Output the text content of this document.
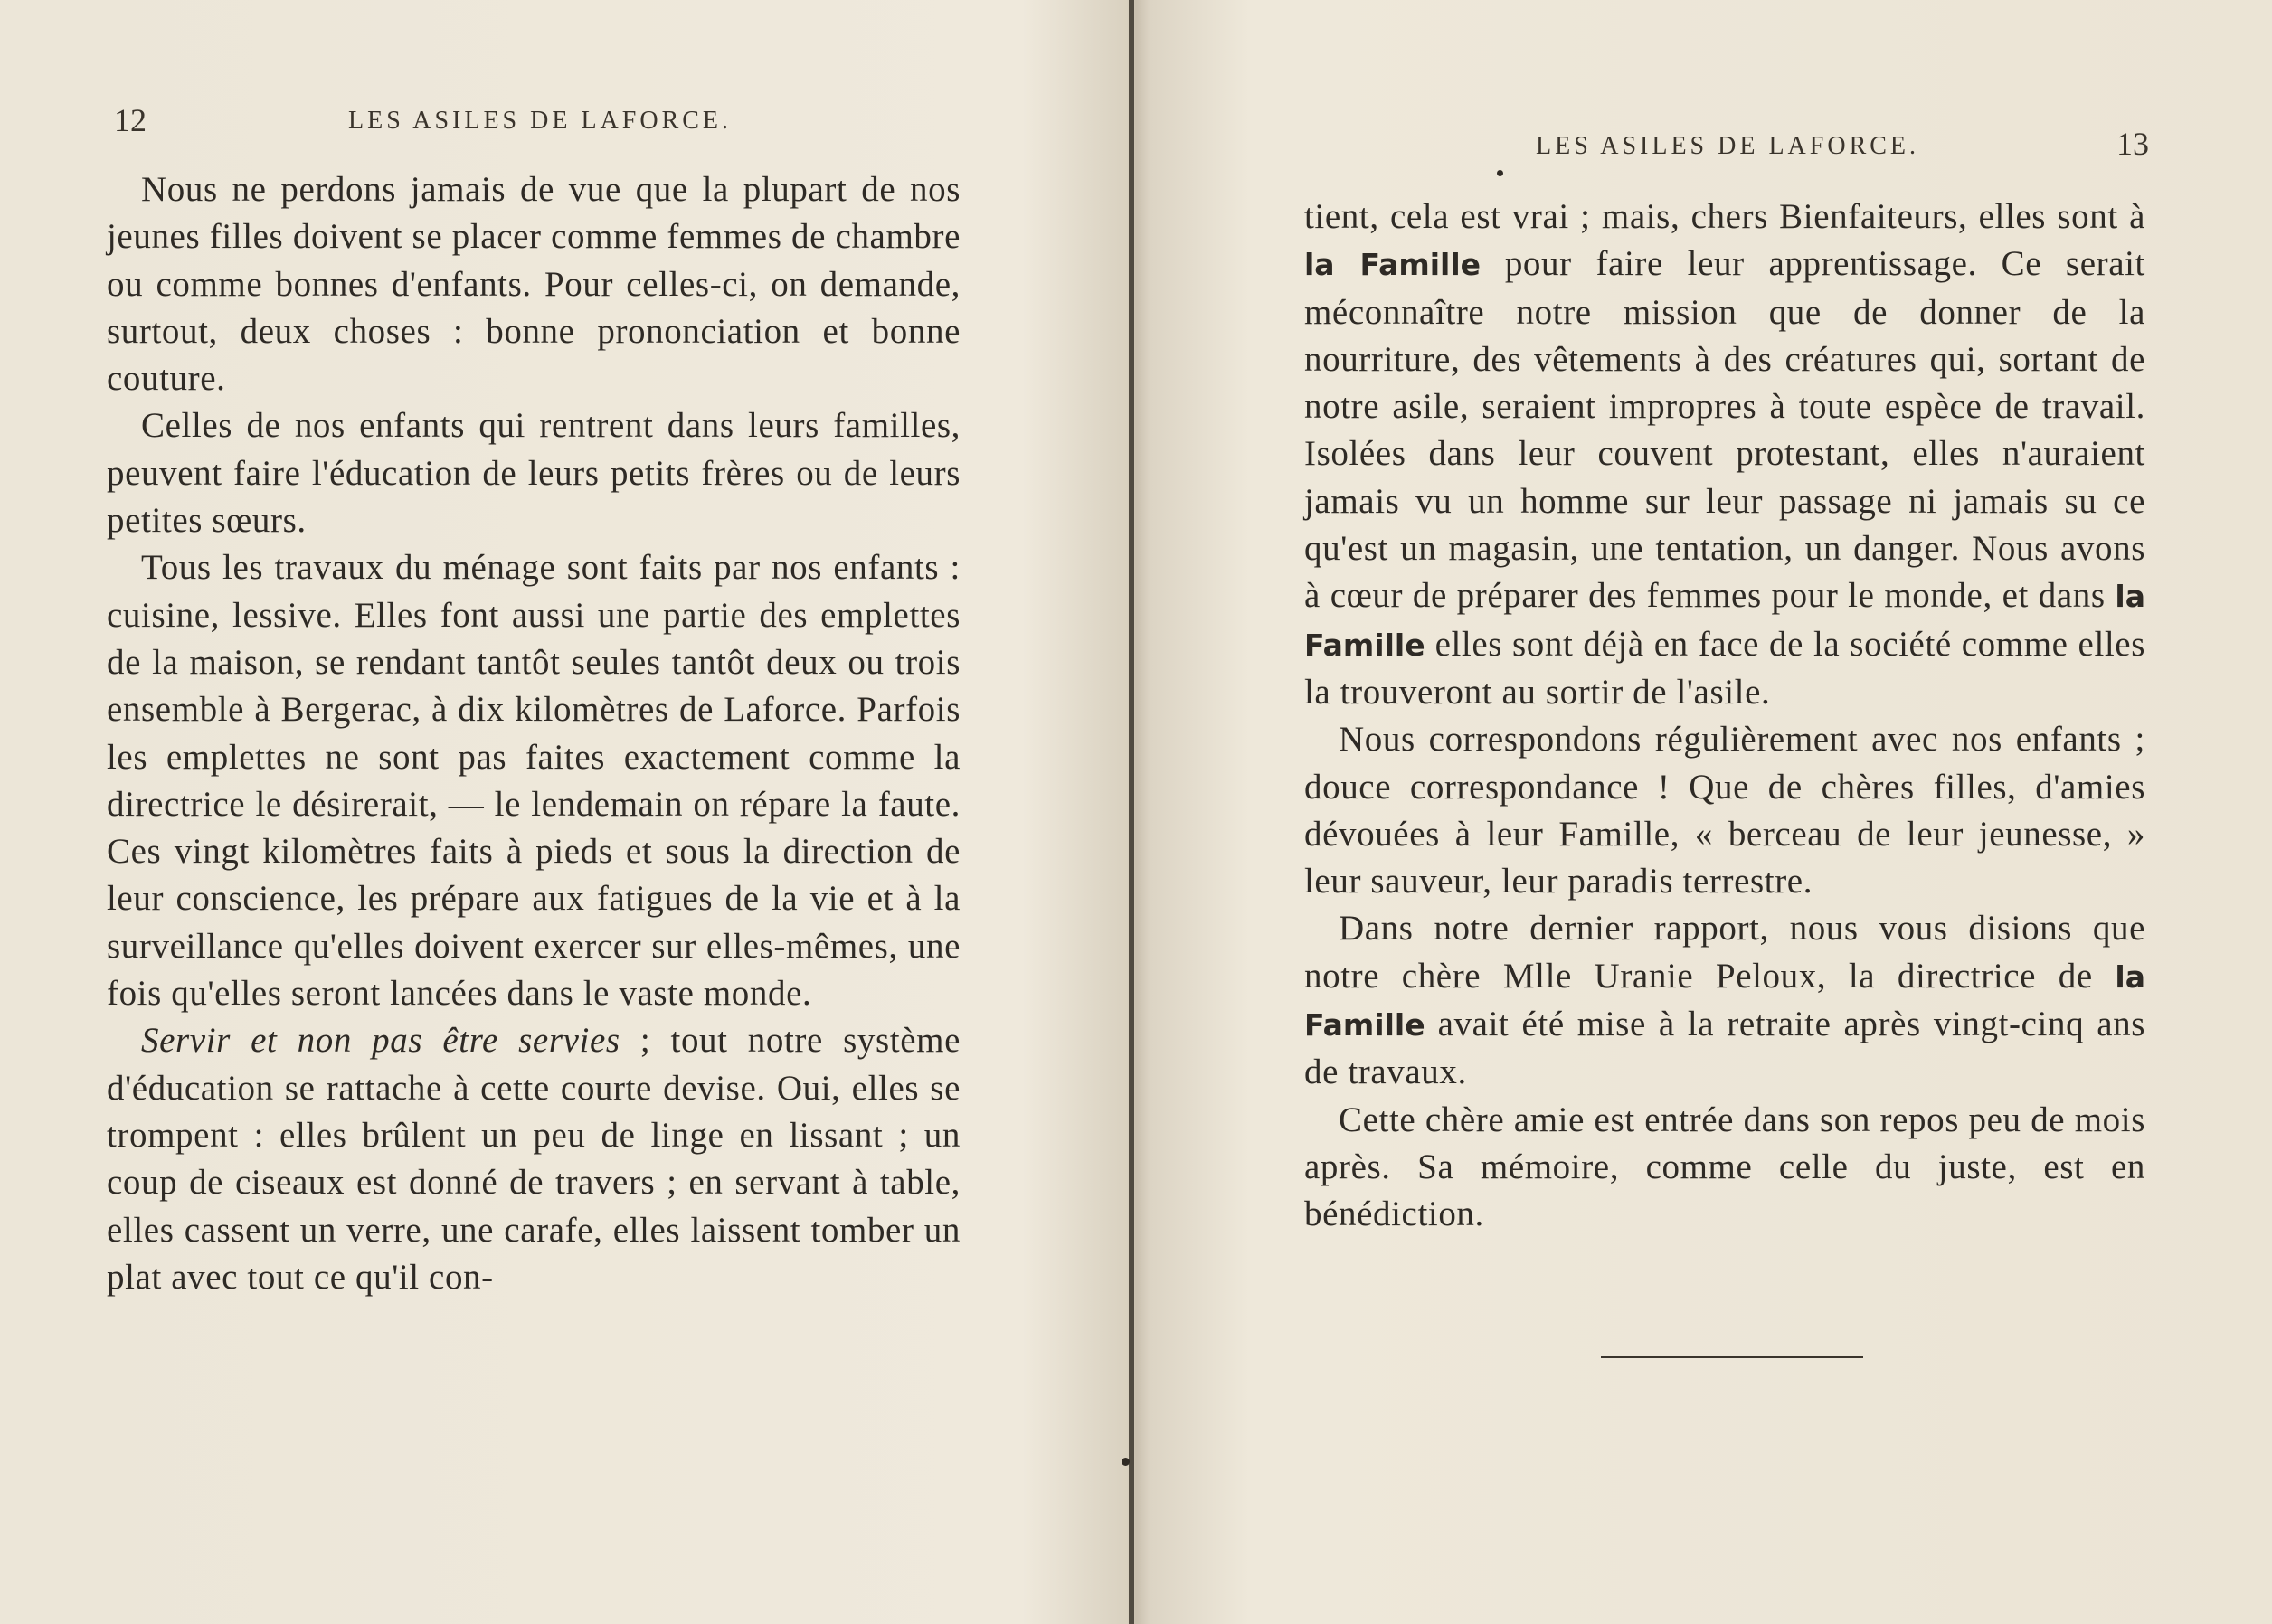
12	LES ASILES DE LAFORCE.

Nous ne perdons jamais de vue que la plupart de nos jeunes filles doivent se placer comme femmes de chambre ou comme bonnes d'enfants. Pour celles-ci, on demande, surtout, deux choses : bonne prononciation et bonne couture.

Celles de nos enfants qui rentrent dans leurs familles, peuvent faire l'éducation de leurs petits frères ou de leurs petites sœurs.

Tous les travaux du ménage sont faits par nos enfants : cuisine, lessive. Elles font aussi une partie des emplettes de la maison, se rendant tantôt seules tantôt deux ou trois ensemble à Bergerac, à dix kilomètres de Laforce. Parfois les emplettes ne sont pas faites exactement comme la directrice le désirerait, — le lendemain on répare la faute. Ces vingt kilomètres faits à pieds et sous la direction de leur conscience, les prépare aux fatigues de la vie et à la surveillance qu'elles doivent exercer sur elles-mêmes, une fois qu'elles seront lancées dans le vaste monde.

Servir et non pas être servies ; tout notre système d'éducation se rattache à cette courte devise. Oui, elles se trompent : elles brûlent un peu de linge en lissant ; un coup de ciseaux est donné de travers ; en servant à table, elles cassent un verre, une carafe, elles laissent tomber un plat avec tout ce qu'il con-

LES ASILES DE LAFORCE.	13

tient, cela est vrai ; mais, chers Bienfaiteurs, elles sont à la Famille pour faire leur apprentissage. Ce serait méconnaître notre mission que de donner de la nourriture, des vêtements à des créatures qui, sortant de notre asile, seraient impropres à toute espèce de travail. Isolées dans leur couvent protestant, elles n'auraient jamais vu un homme sur leur passage ni jamais su ce qu'est un magasin, une tentation, un danger. Nous avons à cœur de préparer des femmes pour le monde, et dans la Famille elles sont déjà en face de la société comme elles la trouveront au sortir de l'asile.

Nous correspondons régulièrement avec nos enfants ; douce correspondance ! Que de chères filles, d'amies dévouées à leur Famille, « berceau de leur jeunesse, » leur sauveur, leur paradis terrestre.

Dans notre dernier rapport, nous vous disions que notre chère Mlle Uranie Peloux, la directrice de la Famille avait été mise à la retraite après vingt-cinq ans de travaux.

Cette chère amie est entrée dans son repos peu de mois après. Sa mémoire, comme celle du juste, est en bénédiction.
